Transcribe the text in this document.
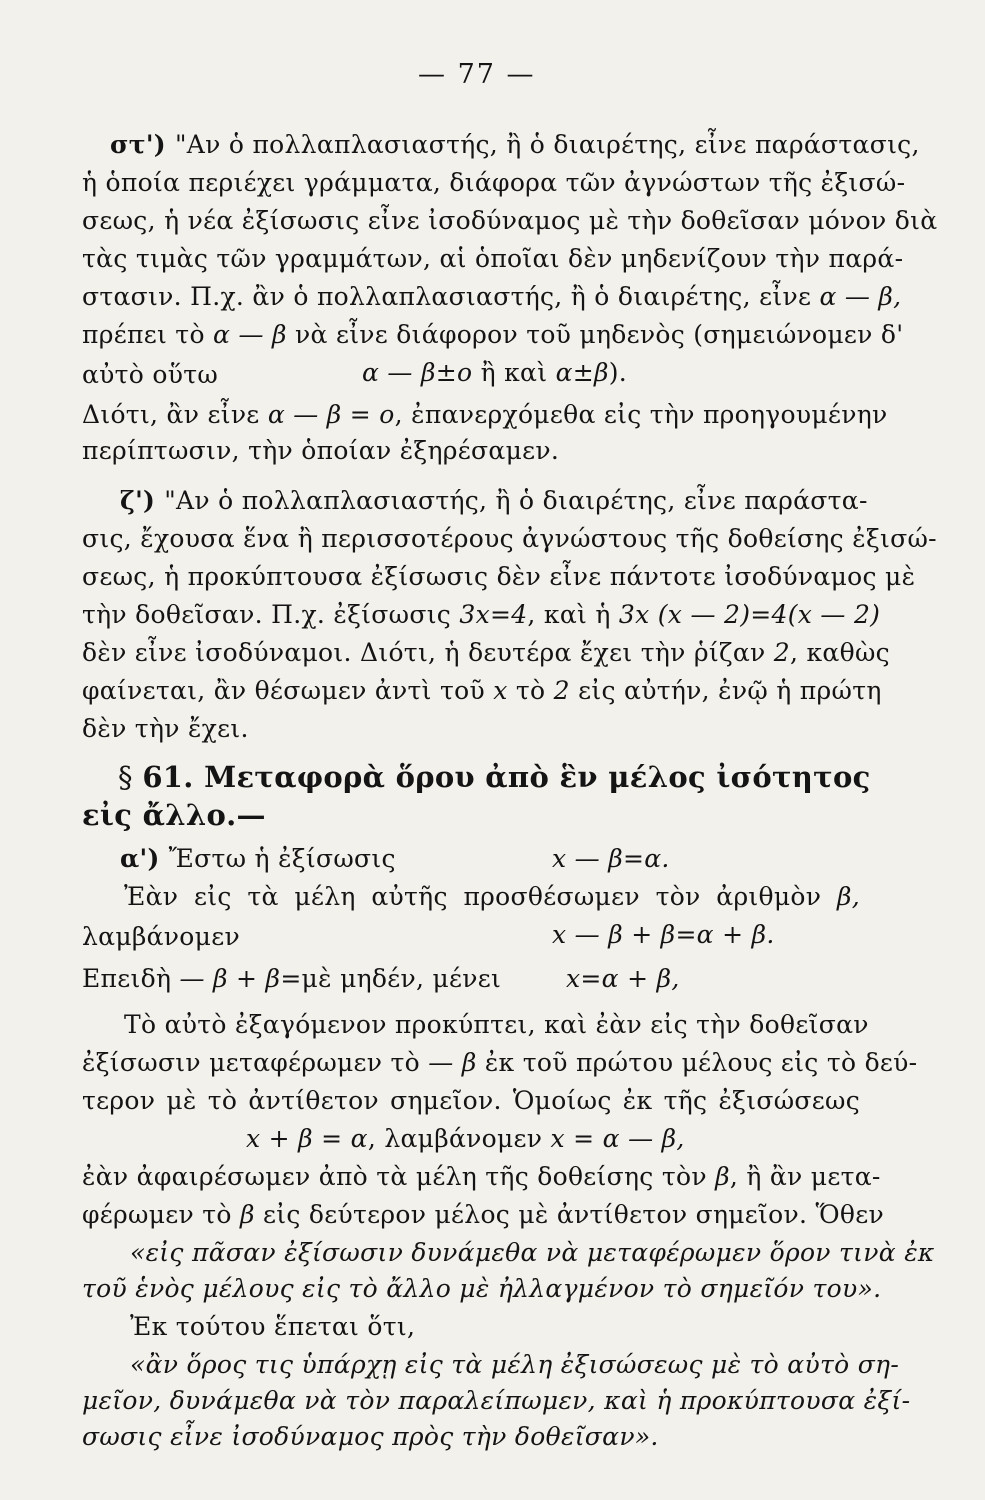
— 77 —
στ') "Αν ὁ πολλαπλασιαστής, ἢ ὁ διαιρέτης, εἶνε παράστασις,
ἡ ὁποία περιέχει γράμματα, διάφορα τῶν ἀγνώστων τῆς ἐξισώ-
σεως, ἡ νέα ἐξίσωσις εἶνε ἰσοδύναμος μὲ τὴν δοθεῖσαν μόνον διὰ
τὰς τιμὰς τῶν γραμμάτων, αἱ ὁποῖαι δὲν μηδενίζουν τὴν παρά-
στασιν. Π.χ. ἂν ὁ πολλαπλασιαστής, ἢ ὁ διαιρέτης, εἶνε α — β,
πρέπει τὸ α — β νὰ εἶνε διάφορον τοῦ μηδενὸς (σημειώνομεν δ'
αὐτὸ οὕτω	α — β±ο ἢ καὶ α±β).
Διότι, ἂν εἶνε α — β = ο, ἐπανερχόμεθα εἰς τὴν προηγουμένην
περίπτωσιν, τὴν ὁποίαν ἐξηρέσαμεν.
ζ') "Αν ὁ πολλαπλασιαστής, ἢ ὁ διαιρέτης, εἶνε παράστα-
σις, ἔχουσα ἕνα ἢ περισσοτέρους ἀγνώστους τῆς δοθείσης ἐξισώ-
σεως, ἡ προκύπτουσα ἐξίσωσις δὲν εἶνε πάντοτε ἰσοδύναμος μὲ
τὴν δοθεῖσαν. Π.χ. ἐξίσωσις 3x=4, καὶ ἡ 3x (x — 2)=4(x — 2)
δὲν εἶνε ἰσοδύναμοι. Διότι, ἡ δευτέρα ἔχει τὴν ῥίζαν 2, καθὼς
φαίνεται, ἂν θέσωμεν ἀντὶ τοῦ x τὸ 2 εἰς αὐτήν, ἐνῷ ἡ πρώτη
δὲν τὴν ἔχει.
§ 61. Μεταφορὰ ὅρου ἀπὸ ἓν μέλος ἰσότητος
εἰς ἄλλο.—
α') Ἔστω ἡ ἐξίσωσις	x — β=α.
Ἐὰν εἰς τὰ μέλη αὐτῆς προσθέσωμεν τὸν ἀριθμὸν β,
λαμβάνομεν	x — β + β=α + β.
Επειδὴ — β + β=μὲ μηδέν, μένει	x=α + β,
Τὸ αὐτὸ ἐξαγόμενον προκύπτει, καὶ ἐὰν εἰς τὴν δοθεῖσαν
ἐξίσωσιν μεταφέρωμεν τὸ — β ἐκ τοῦ πρώτου μέλους εἰς τὸ δεύ-
τερον μὲ τὸ ἀντίθετον σημεῖον. Ὁμοίως ἐκ τῆς ἐξισώσεως
x + β = α, λαμβάνομεν x = α — β,
ἐὰν ἀφαιρέσωμεν ἀπὸ τὰ μέλη τῆς δοθείσης τὸν β, ἢ ἂν μετα-
φέρωμεν τὸ β εἰς δεύτερον μέλος μὲ ἀντίθετον σημεῖον. Ὅθεν
«εἰς πᾶσαν ἐξίσωσιν δυνάμεθα νὰ μεταφέρωμεν ὅρον τινὰ ἐκ
τοῦ ἑνὸς μέλους εἰς τὸ ἄλλο μὲ ἠλλαγμένον τὸ σημεῖόν του».
Ἐκ τούτου ἕπεται ὅτι,
«ἂν ὅρος τις ὑπάρχῃ εἰς τὰ μέλη ἐξισώσεως μὲ τὸ αὐτὸ ση-
μεῖον, δυνάμεθα νὰ τὸν παραλείπωμεν, καὶ ἡ προκύπτουσα ἐξί-
σωσις εἶνε ἰσοδύναμος πρὸς τὴν δοθεῖσαν».
